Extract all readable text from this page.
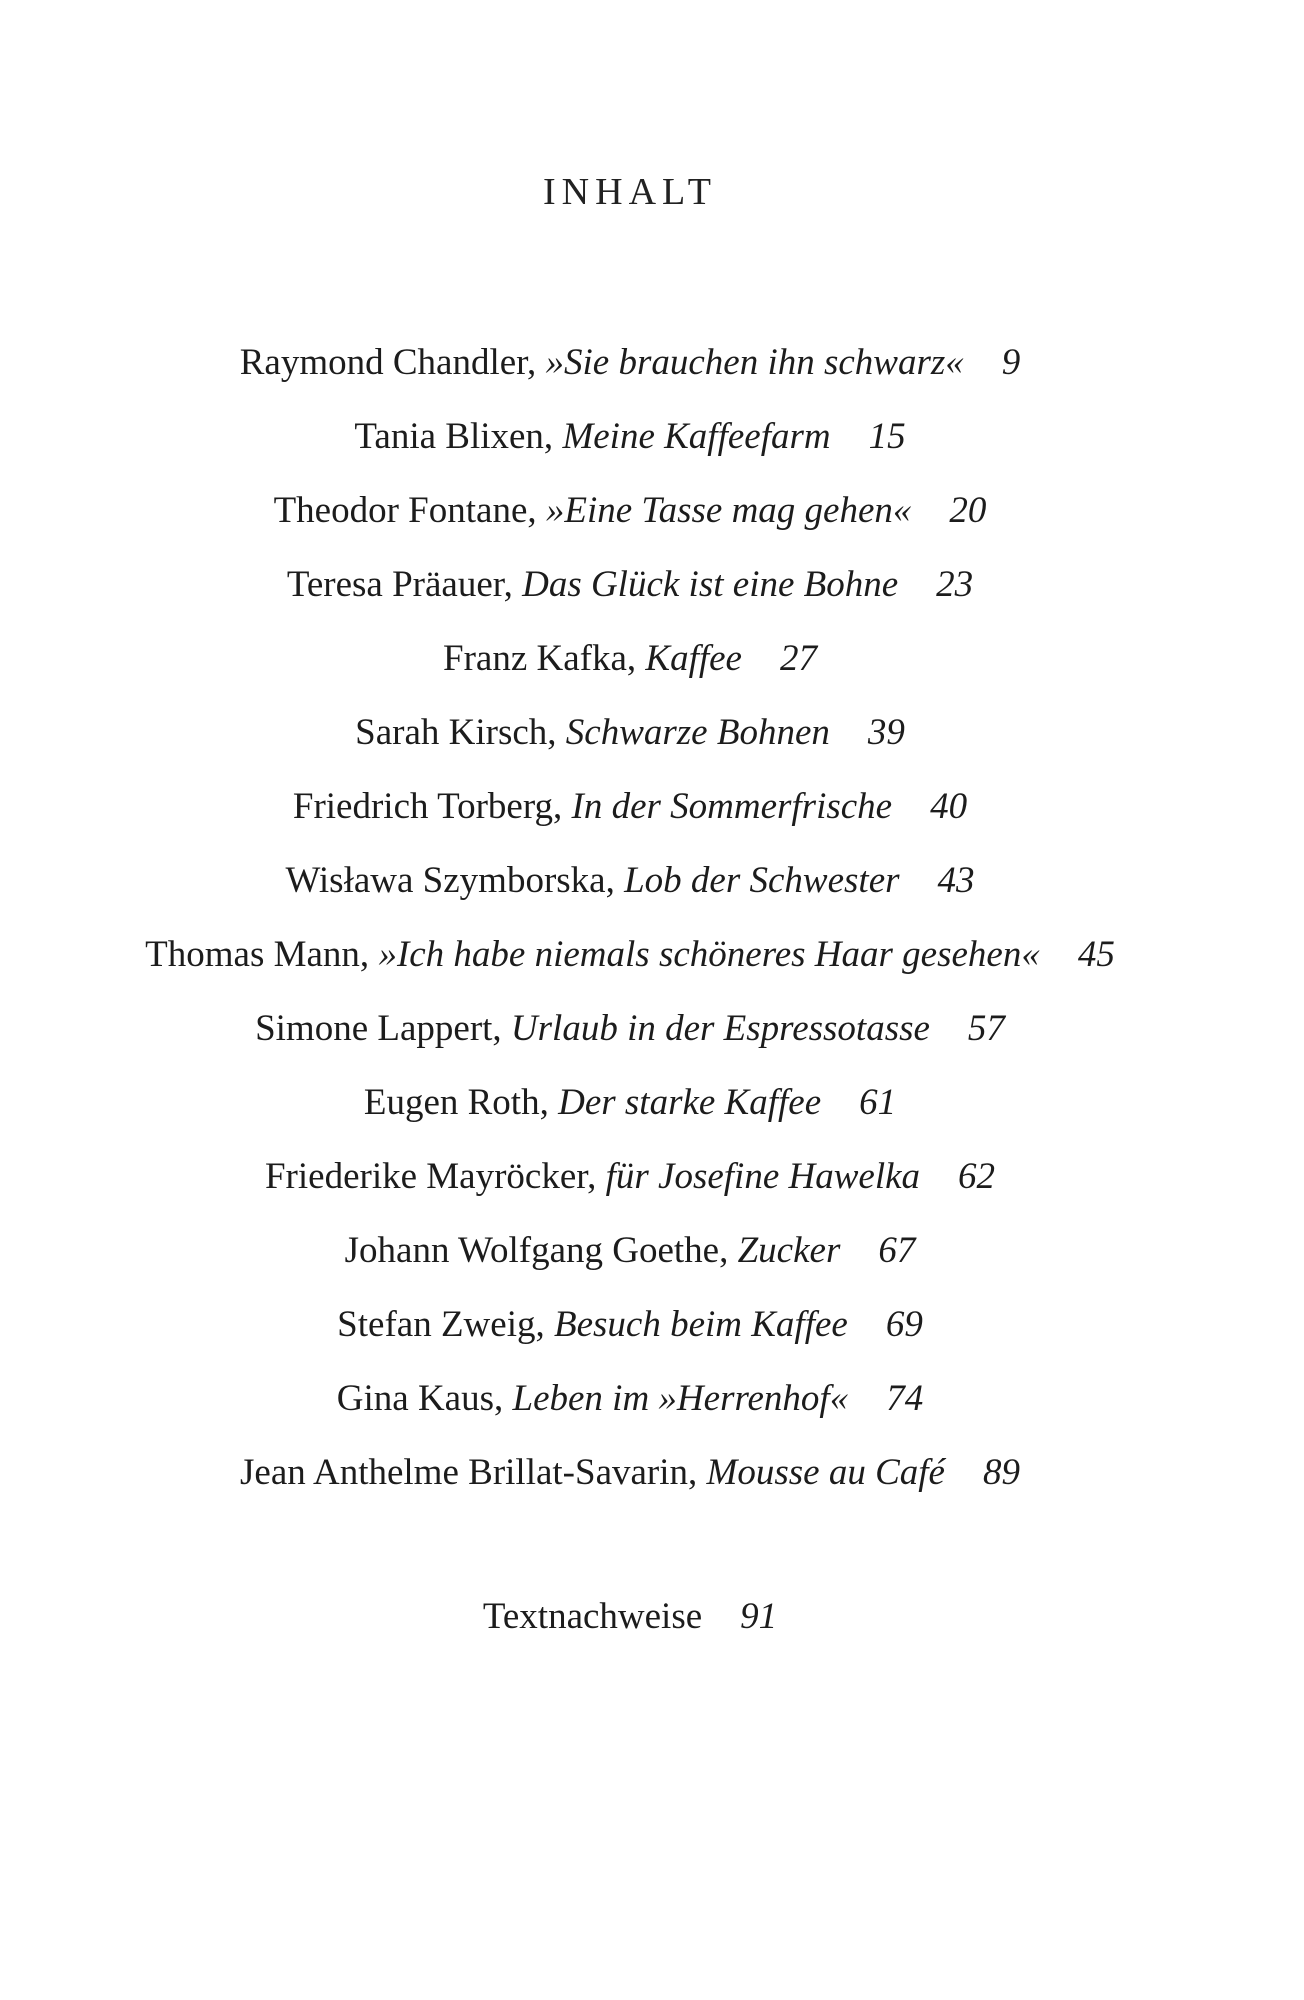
INHALT
Raymond Chandler, »Sie brauchen ihn schwarz« 9
Tania Blixen, Meine Kaffeefarm 15
Theodor Fontane, »Eine Tasse mag gehen« 20
Teresa Präauer, Das Glück ist eine Bohne 23
Franz Kafka, Kaffee 27
Sarah Kirsch, Schwarze Bohnen 39
Friedrich Torberg, In der Sommerfrische 40
Wisława Szymborska, Lob der Schwester 43
Thomas Mann, »Ich habe niemals schöneres Haar gesehen« 45
Simone Lappert, Urlaub in der Espressotasse 57
Eugen Roth, Der starke Kaffee 61
Friederike Mayröcker, für Josefine Hawelka 62
Johann Wolfgang Goethe, Zucker 67
Stefan Zweig, Besuch beim Kaffee 69
Gina Kaus, Leben im »Herrenhof« 74
Jean Anthelme Brillat-Savarin, Mousse au Café 89
Textnachweise 91
